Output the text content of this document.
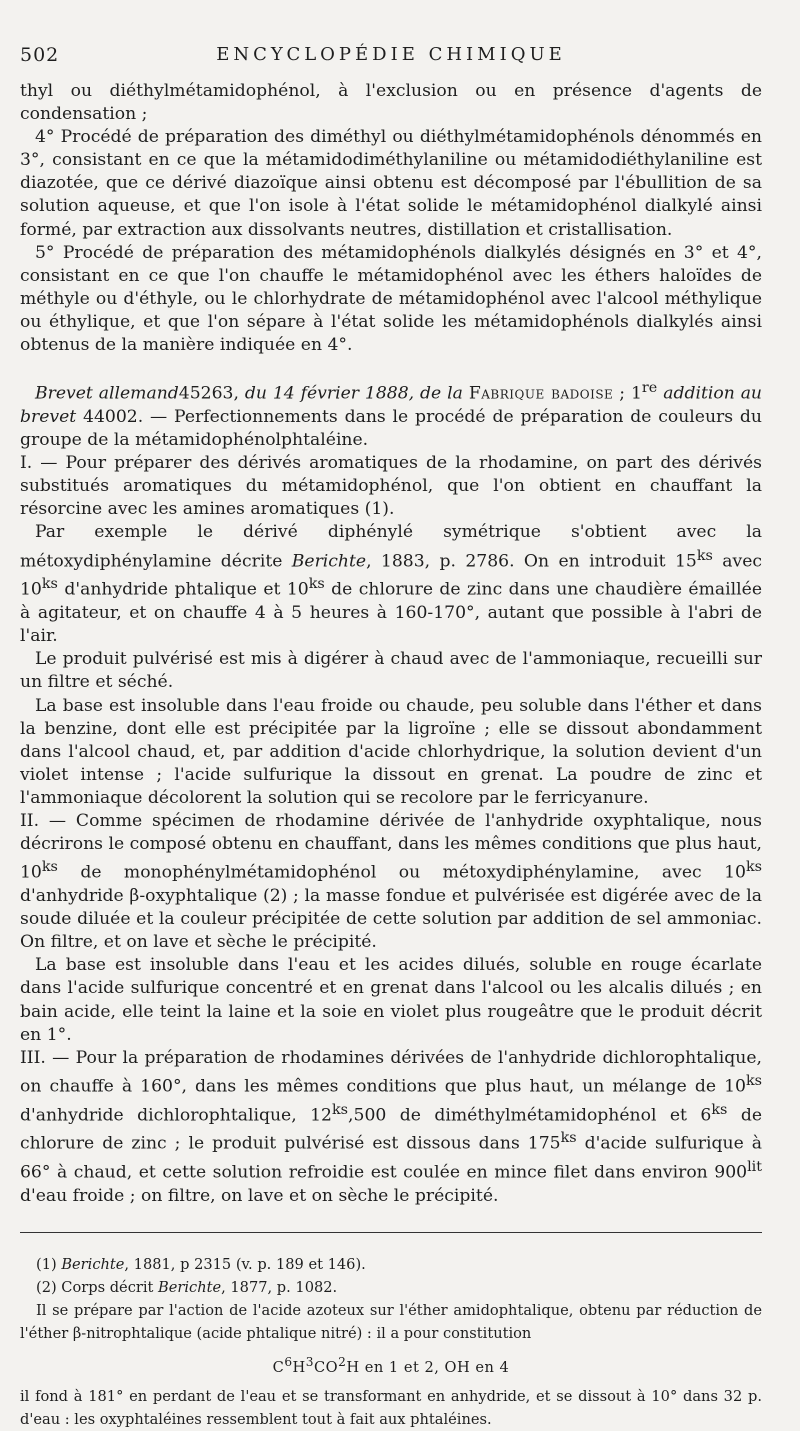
502	ENCYCLOPÉDIE CHIMIQUE

thyl ou diéthylmétamidophénol, à l'exclusion ou en présence d'agents de condensation ;

4° Procédé de préparation des diméthyl ou diéthylmétamidophénols dénommés en 3°, consistant en ce que la métamidodiméthylaniline ou métamidodiéthylaniline est diazotée, que ce dérivé diazoïque ainsi obtenu est décomposé par l'ébullition de sa solution aqueuse, et que l'on isole à l'état solide le métamidophénol dialkylé ainsi formé, par extraction aux dissolvants neutres, distillation et cristallisation.

5° Procédé de préparation des métamidophénols dialkylés désignés en 3° et 4°, consistant en ce que l'on chauffe le métamidophénol avec les éthers haloïdes de méthyle ou d'éthyle, ou le chlorhydrate de métamidophénol avec l'alcool méthylique ou éthylique, et que l'on sépare à l'état solide les métamidophénols dialkylés ainsi obtenus de la manière indiquée en 4°.

Brevet allemand45263, du 14 février 1888, de la Fabrique badoise ; 1re addition au brevet 44002. — Perfectionnements dans le procédé de préparation de couleurs du groupe de la métamidophénolphtaléine.

I. — Pour préparer des dérivés aromatiques de la rhodamine, on part des dérivés substitués aromatiques du métamidophénol, que l'on obtient en chauffant la résorcine avec les amines aromatiques (1).

Par exemple le dérivé diphénylé symétrique s'obtient avec la métoxydiphénylamine décrite Berichte, 1883, p. 2786. On en introduit $15^{ks}$ avec $10^{ks}$ d'anhydride phtalique et $10^{ks}$ de chlorure de zinc dans une chaudière émaillée à agitateur, et on chauffe 4 à 5 heures à 160-170°, autant que possible à l'abri de l'air.

Le produit pulvérisé est mis à digérer à chaud avec de l'ammoniaque, recueilli sur un filtre et séché.

La base est insoluble dans l'eau froide ou chaude, peu soluble dans l'éther et dans la benzine, dont elle est précipitée par la ligroïne ; elle se dissout abondamment dans l'alcool chaud, et, par addition d'acide chlorhydrique, la solution devient d'un violet intense ; l'acide sulfurique la dissout en grenat. La poudre de zinc et l'ammoniaque décolorent la solution qui se recolore par le ferricyanure.

II. — Comme spécimen de rhodamine dérivée de l'anhydride oxyphtalique, nous décrirons le composé obtenu en chauffant, dans les mêmes conditions que plus haut, $10^{ks}$ de monophénylmétamidophénol ou métoxydiphénylamine, avec $10^{ks}$ d'anhydride β-oxyphtalique (2) ; la masse fondue et pulvérisée est digérée avec de la soude diluée et la couleur précipitée de cette solution par addition de sel ammoniac. On filtre, et on lave et sèche le précipité.

La base est insoluble dans l'eau et les acides dilués, soluble en rouge écarlate dans l'acide sulfurique concentré et en grenat dans l'alcool ou les alcalis dilués ; en bain acide, elle teint la laine et la soie en violet plus rougeâtre que le produit décrit en 1°.

III. — Pour la préparation de rhodamines dérivées de l'anhydride dichlorophtalique, on chauffe à 160°, dans les mêmes conditions que plus haut, un mélange de $10^{ks}$ d'anhydride dichlorophtalique, $12^{ks},500$ de diméthylmétamidophénol et $6^{ks}$ de chlorure de zinc ; le produit pulvérisé est dissous dans $175^{ks}$ d'acide sulfurique à 66° à chaud, et cette solution refroidie est coulée en mince filet dans environ $900^{lit}$ d'eau froide ; on filtre, on lave et on sèche le précipité.

(1) Berichte, 1881, p 2315 (v. p. 189 et 146).

(2) Corps décrit Berichte, 1877, p. 1082.

Il se prépare par l'action de l'acide azoteux sur l'éther amidophtalique, obtenu par réduction de l'éther β-nitrophtalique (acide phtalique nitré) : il a pour constitution

$C^6H^3CO^2H$ en 1 et 2, OH en 4

il fond à 181° en perdant de l'eau et se transformant en anhydride, et se dissout à 10° dans 32 p. d'eau : les oxyphtaléines ressemblent tout à fait aux phtaléines.
